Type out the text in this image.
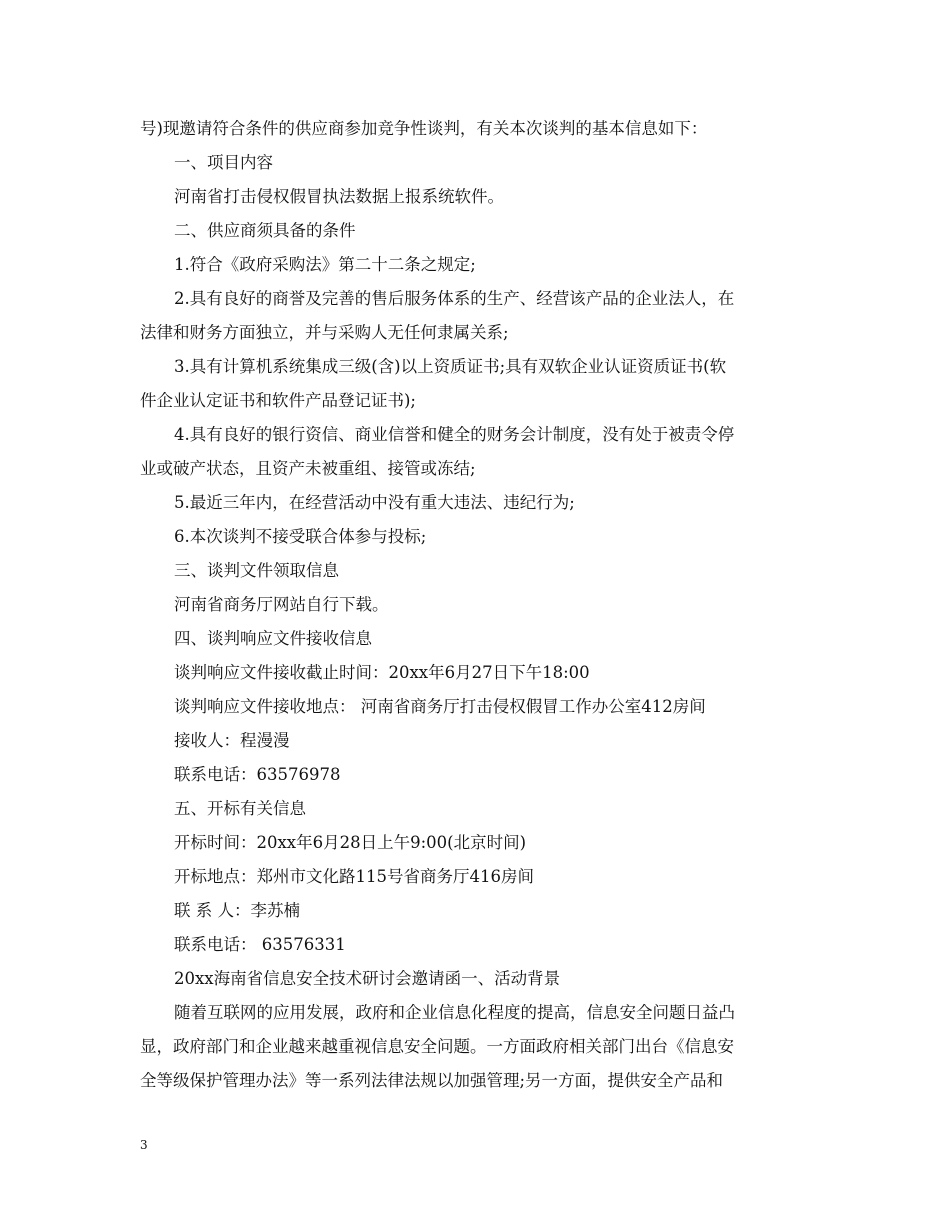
号)现邀请符合条件的供应商参加竞争性谈判，有关本次谈判的基本信息如下：

一、项目内容

河南省打击侵权假冒执法数据上报系统软件。

二、供应商须具备的条件

1.符合《政府采购法》第二十二条之规定;

2.具有良好的商誉及完善的售后服务体系的生产、经营该产品的企业法人，在

法律和财务方面独立，并与采购人无任何隶属关系;

3.具有计算机系统集成三级(含)以上资质证书;具有双软企业认证资质证书(软

件企业认定证书和软件产品登记证书);

4.具有良好的银行资信、商业信誉和健全的财务会计制度，没有处于被责令停

业或破产状态，且资产未被重组、接管或冻结;

5.最近三年内，在经营活动中没有重大违法、违纪行为;

6.本次谈判不接受联合体参与投标;

三、谈判文件领取信息

河南省商务厅网站自行下载。

四、谈判响应文件接收信息

谈判响应文件接收截止时间：20xx年6月27日下午18:00

谈判响应文件接收地点： 河南省商务厅打击侵权假冒工作办公室412房间

接收人：程漫漫

联系电话：63576978

五、开标有关信息

开标时间：20xx年6月28日上午9:00(北京时间)

开标地点：郑州市文化路115号省商务厅416房间

联 系 人：李苏楠

联系电话： 63576331

20xx海南省信息安全技术研讨会邀请函一、活动背景

随着互联网的应用发展，政府和企业信息化程度的提高，信息安全问题日益凸

显，政府部门和企业越来越重视信息安全问题。一方面政府相关部门出台《信息安

全等级保护管理办法》等一系列法律法规以加强管理;另一方面，提供安全产品和

3
